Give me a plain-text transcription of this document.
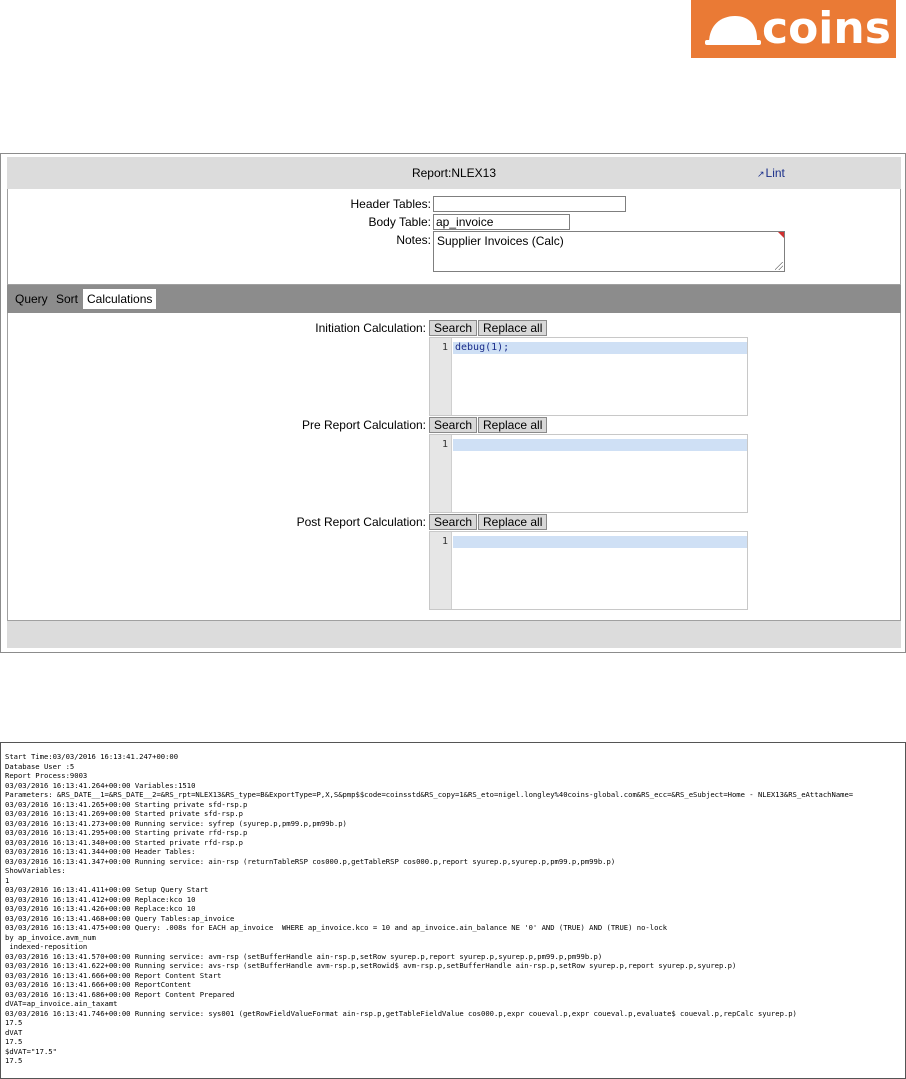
coins
Report:NLEX13	↗Lint
Header Tables:
Body Table:
ap_invoice
Notes: Supplier Invoices (Calc)
Query Sort Calculations
Initiation Calculation: Search Replace all
1 debug(1);
Pre Report Calculation: Search Replace all
1
Post Report Calculation: Search Replace all
1
Start Time:03/03/2016 16:13:41.247+00:00
Database User :5
Report Process:9003
03/03/2016 16:13:41.264+00:00 Variables:1510
Parameters: &RS_DATE__1=&RS_DATE__2=&RS_rpt=NLEX13&RS_type=B&ExportType=P,X,S&pmp$$code=coinsstd&RS_copy=1&RS_eto=nigel.longley%40coins-global.com&RS_ecc=&RS_eSubject=Home - NLEX13&RS_eAttachName=
03/03/2016 16:13:41.265+00:00 Starting private sfd-rsp.p
03/03/2016 16:13:41.269+00:00 Started private sfd-rsp.p
03/03/2016 16:13:41.273+00:00 Running service: syfrep (syurep.p,pm99.p,pm99b.p)
03/03/2016 16:13:41.295+00:00 Starting private rfd-rsp.p
03/03/2016 16:13:41.340+00:00 Started private rfd-rsp.p
03/03/2016 16:13:41.344+00:00 Header Tables:
03/03/2016 16:13:41.347+00:00 Running service: ain-rsp (returnTableRSP cos000.p,getTableRSP cos000.p,report syurep.p,syurep.p,pm99.p,pm99b.p)
ShowVariables:
1
03/03/2016 16:13:41.411+00:00 Setup Query Start
03/03/2016 16:13:41.412+00:00 Replace:kco 10
03/03/2016 16:13:41.426+00:00 Replace:kco 10
03/03/2016 16:13:41.468+00:00 Query Tables:ap_invoice
03/03/2016 16:13:41.475+00:00 Query: .008s for EACH ap_invoice  WHERE ap_invoice.kco = 10 and ap_invoice.ain_balance NE '0' AND (TRUE) AND (TRUE) no-lock
by ap_invoice.avm_num
indexed-reposition
03/03/2016 16:13:41.570+00:00 Running service: avm-rsp (setBufferHandle ain-rsp.p,setRow syurep.p,report syurep.p,syurep.p,pm99.p,pm99b.p)
03/03/2016 16:13:41.622+00:00 Running service: avs-rsp (setBufferHandle avm-rsp.p,setRowid$ avm-rsp.p,setBufferHandle ain-rsp.p,setRow syurep.p,report syurep.p,syurep.p)
03/03/2016 16:13:41.666+00:00 Report Content Start
03/03/2016 16:13:41.666+00:00 ReportContent
03/03/2016 16:13:41.686+00:00 Report Content Prepared
dVAT=ap_invoice.ain_taxamt
03/03/2016 16:13:41.746+00:00 Running service: sys001 (getRowFieldValueFormat ain-rsp.p,getTableFieldValue cos000.p,expr coueval.p,expr coueval.p,evaluate$ coueval.p,repCalc syurep.p)
17.5
dVAT
17.5
$dVAT="17.5"
17.5
